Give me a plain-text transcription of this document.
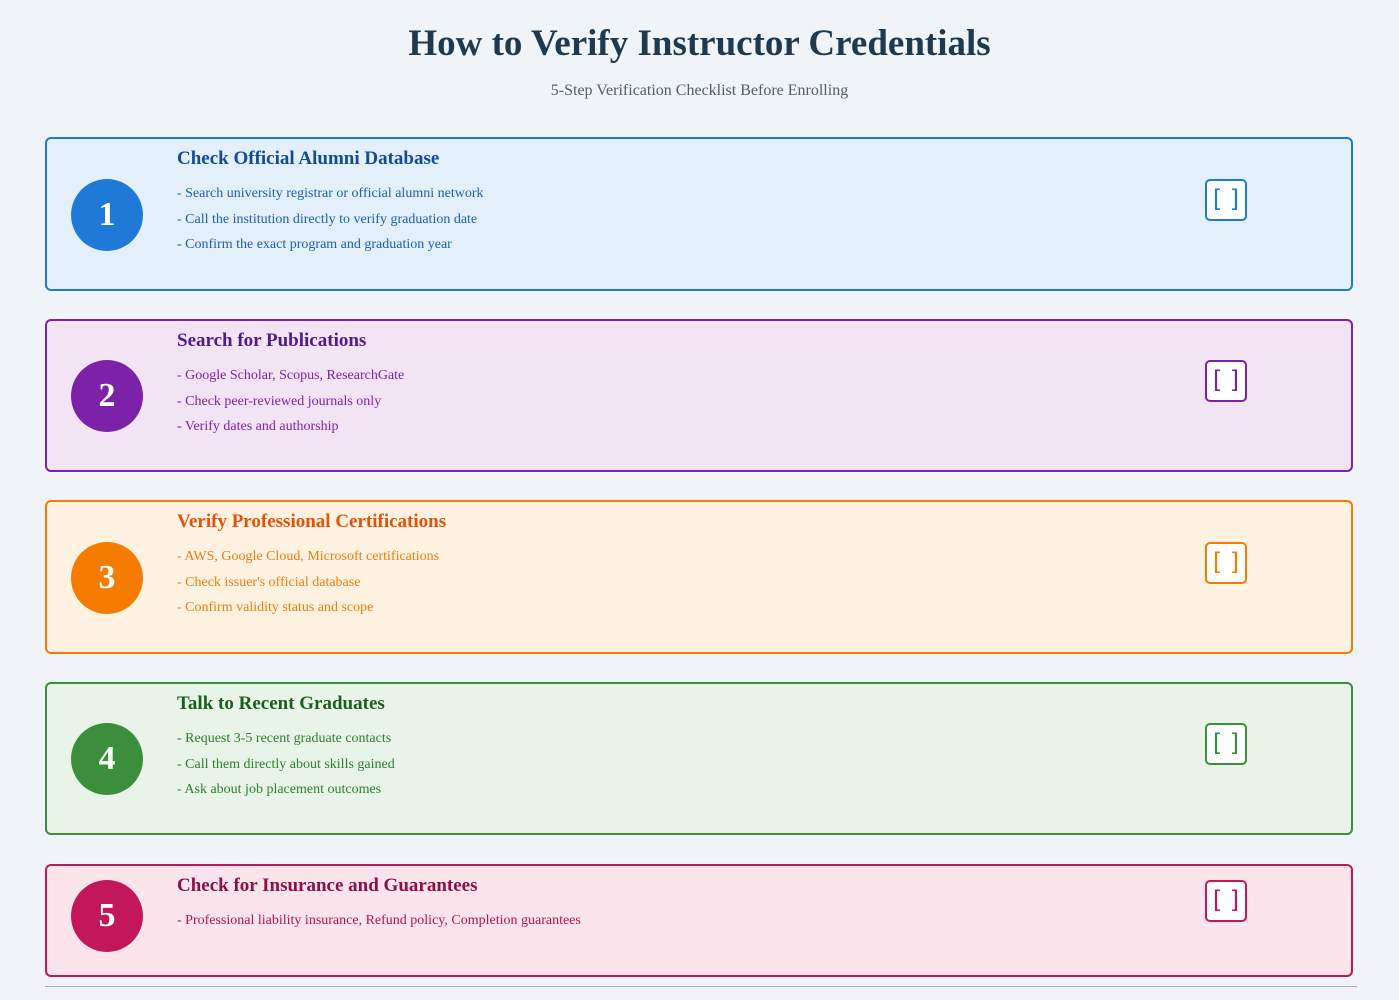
How to Verify Instructor Credentials
5-Step Verification Checklist Before Enrolling
1
Check Official Alumni Database
- Search university registrar or official alumni network
- Call the institution directly to verify graduation date
- Confirm the exact program and graduation year
[ ]
2
Search for Publications
- Google Scholar, Scopus, ResearchGate
- Check peer-reviewed journals only
- Verify dates and authorship
[ ]
3
Verify Professional Certifications
- AWS, Google Cloud, Microsoft certifications
- Check issuer's official database
- Confirm validity status and scope
[ ]
4
Talk to Recent Graduates
- Request 3-5 recent graduate contacts
- Call them directly about skills gained
- Ask about job placement outcomes
[ ]
5
Check for Insurance and Guarantees
- Professional liability insurance, Refund policy, Completion guarantees
[ ]
